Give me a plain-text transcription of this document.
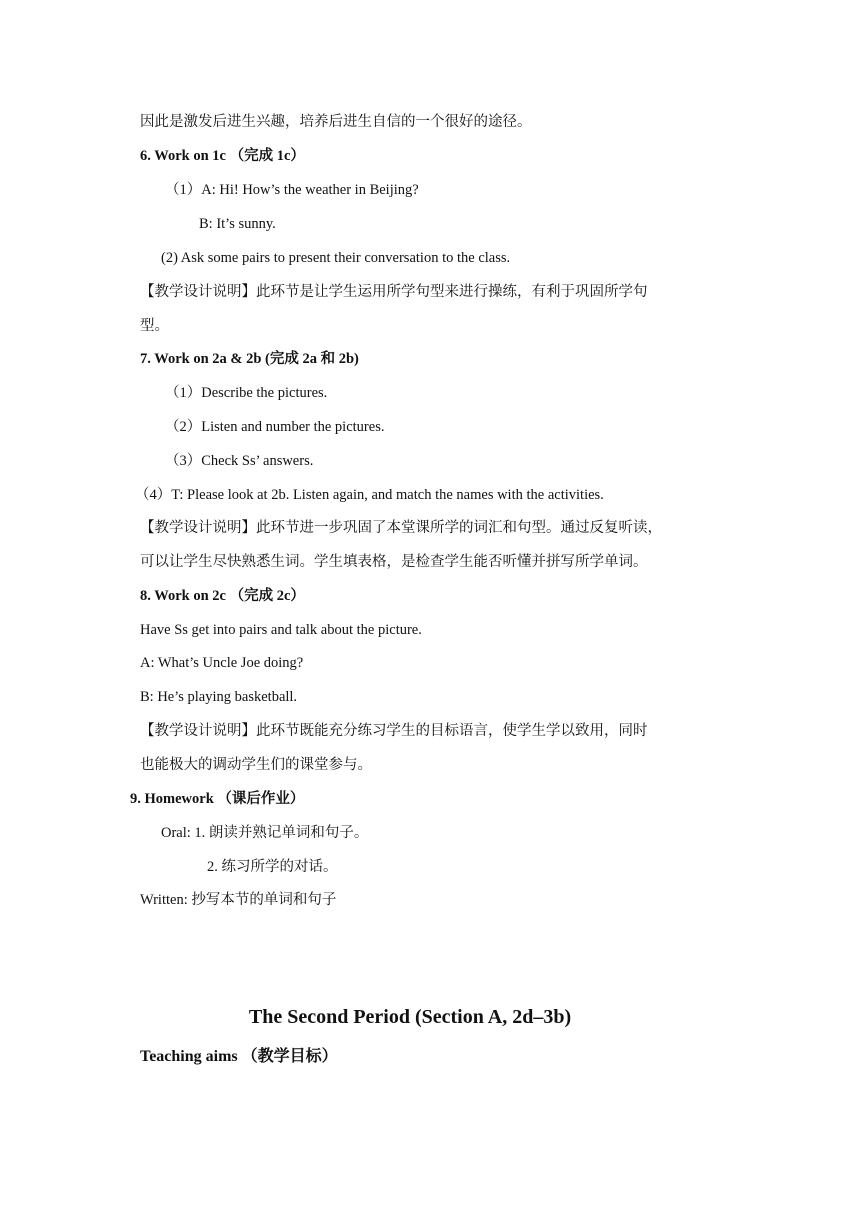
因此是激发后进生兴趣，培养后进生自信的一个很好的途径。
6. Work on 1c （完成 1c）
（1）A: Hi! How’s the weather in Beijing?
B: It’s sunny.
(2) Ask some pairs to present their conversation to the class.
【教学设计说明】此环节是让学生运用所学句型来进行操练，有利于巩固所学句
型。
7. Work on 2a & 2b (完成 2a 和 2b)
（1）Describe the pictures.
（2）Listen and number the pictures.
（3）Check Ss’ answers.
（4）T: Please look at 2b. Listen again, and match the names with the activities.
【教学设计说明】此环节进一步巩固了本堂课所学的词汇和句型。通过反复听读，
可以让学生尽快熟悉生词。学生填表格，是检查学生能否听懂并拼写所学单词。
8. Work on 2c （完成 2c）
Have Ss get into pairs and talk about the picture.
A: What’s Uncle Joe doing?
B: He’s playing basketball.
【教学设计说明】此环节既能充分练习学生的目标语言，使学生学以致用，同时
也能极大的调动学生们的课堂参与。
9. Homework （课后作业）
Oral: 1. 朗读并熟记单词和句子。
2. 练习所学的对话。
Written: 抄写本节的单词和句子
The Second Period (Section A, 2d–3b)
Teaching aims （教学目标）
